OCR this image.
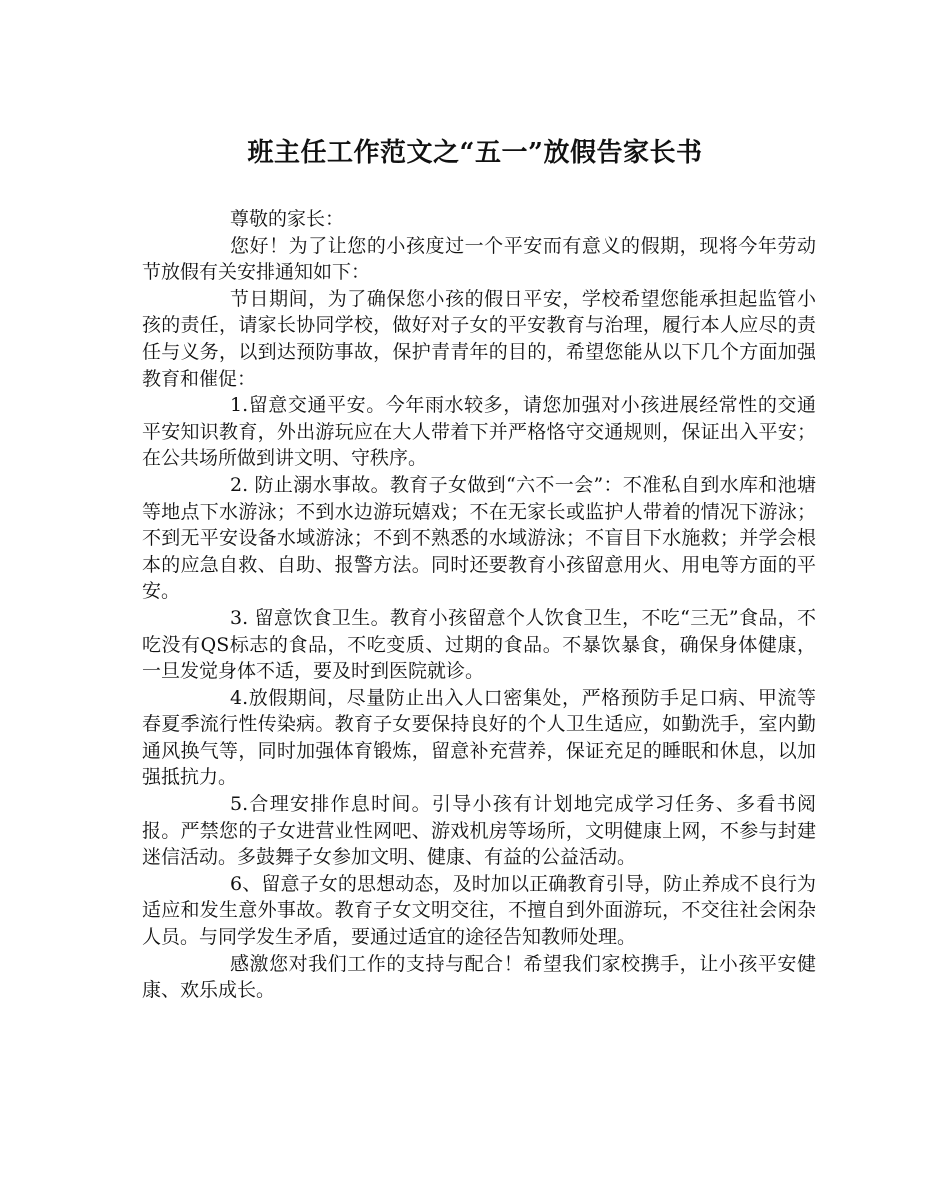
班主任工作范文之“五一”放假告家长书

尊敬的家长：

您好！为了让您的小孩度过一个平安而有意义的假期，现将今年劳动节放假有关安排通知如下：

节日期间，为了确保您小孩的假日平安，学校希望您能承担起监管小孩的责任，请家长协同学校，做好对子女的平安教育与治理，履行本人应尽的责任与义务，以到达预防事故，保护青青年的目的，希望您能从以下几个方面加强教育和催促：

1.留意交通平安。今年雨水较多，请您加强对小孩进展经常性的交通平安知识教育，外出游玩应在大人带着下并严格恪守交通规则，保证出入平安；在公共场所做到讲文明、守秩序。

2. 防止溺水事故。教育子女做到“六不一会”：不准私自到水库和池塘等地点下水游泳；不到水边游玩嬉戏；不在无家长或监护人带着的情况下游泳；不到无平安设备水域游泳；不到不熟悉的水域游泳；不盲目下水施救；并学会根本的应急自救、自助、报警方法。同时还要教育小孩留意用火、用电等方面的平安。

3. 留意饮食卫生。教育小孩留意个人饮食卫生，不吃“三无”食品，不吃没有QS标志的食品，不吃变质、过期的食品。不暴饮暴食，确保身体健康，一旦发觉身体不适，要及时到医院就诊。

4.放假期间，尽量防止出入人口密集处，严格预防手足口病、甲流等春夏季流行性传染病。教育子女要保持良好的个人卫生适应，如勤洗手，室内勤通风换气等，同时加强体育锻炼，留意补充营养，保证充足的睡眠和休息，以加强抵抗力。

5.合理安排作息时间。引导小孩有计划地完成学习任务、多看书阅报。严禁您的子女进营业性网吧、游戏机房等场所，文明健康上网，不参与封建迷信活动。多鼓舞子女参加文明、健康、有益的公益活动。

6、留意子女的思想动态，及时加以正确教育引导，防止养成不良行为适应和发生意外事故。教育子女文明交往，不擅自到外面游玩，不交往社会闲杂人员。与同学发生矛盾，要通过适宜的途径告知教师处理。

感激您对我们工作的支持与配合！希望我们家校携手，让小孩平安健康、欢乐成长。
